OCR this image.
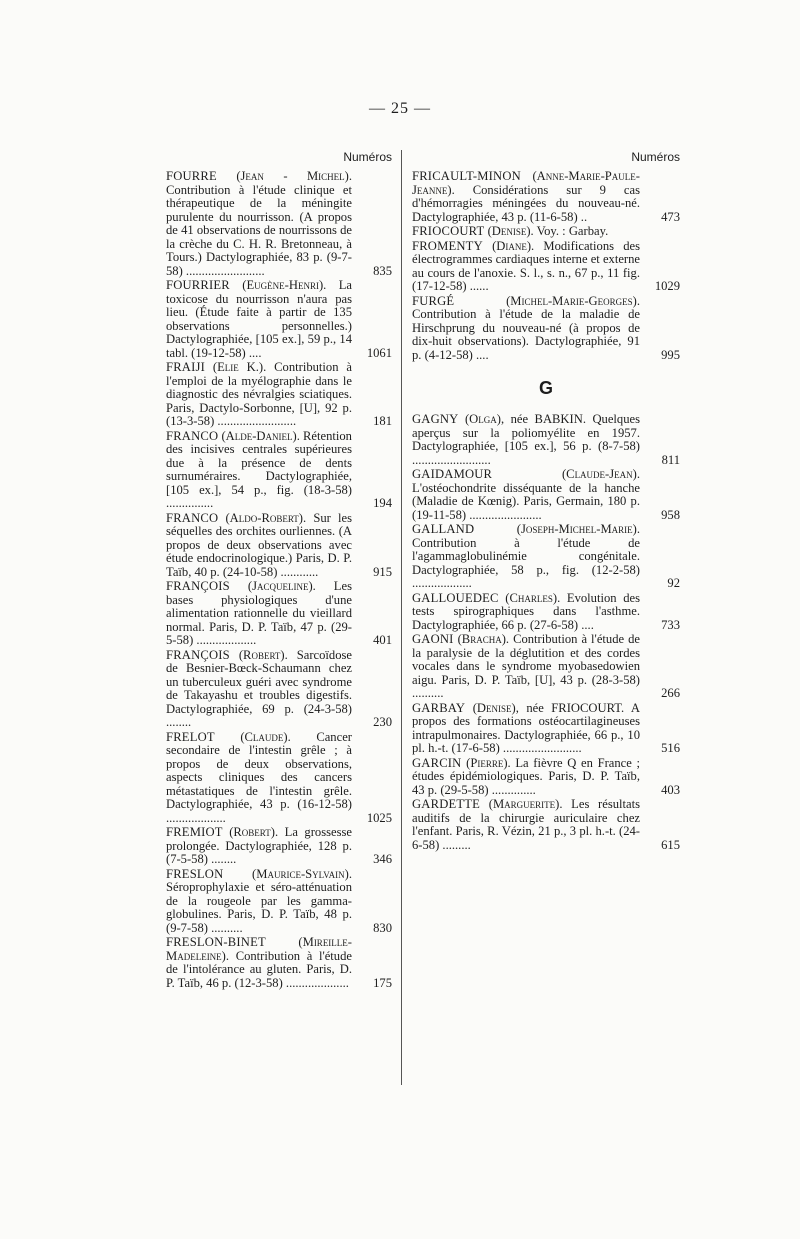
— 25 —
Numéros
FOURRE (Jean - Michel). Contribution à l'étude clinique et thérapeutique de la méningite purulente du nourrisson. (A propos de 41 observations de nourrissons de la crèche du C. H. R. Bretonneau, à Tours.) Dactylographiée, 83 p. (9-7-58) .........................	835
FOURRIER (Eugène-Henri). La toxicose du nourrisson n'aura pas lieu. (Étude faite à partir de 135 observations personnelles.) Dactylographiée, [105 ex.], 59 p., 14 tabl. (19-12-58) ....	1061
FRAIJI (Elie K.). Contribution à l'emploi de la myélographie dans le diagnostic des névralgies sciatiques. Paris, Dactylo-Sorbonne, [U], 92 p. (13-3-58) .........................	181
FRANCO (Alde-Daniel). Rétention des incisives centrales supérieures due à la présence de dents surnuméraires. Dactylographiée, [105 ex.], 54 p., fig. (18-3-58) ...............	194
FRANCO (Aldo-Robert). Sur les séquelles des orchites ourliennes. (A propos de deux observations avec étude endocrinologique.) Paris, D. P. Taïb, 40 p. (24-10-58) ............	915
FRANÇOIS (Jacqueline). Les bases physiologiques d'une alimentation rationnelle du vieillard normal. Paris, D. P. Taïb, 47 p. (29-5-58) ...................	401
FRANÇOIS (Robert). Sarcoïdose de Besnier-Bœck-Schaumann chez un tuberculeux guéri avec syndrome de Takayashu et troubles digestifs. Dactylographiée, 69 p. (24-3-58) ........	230
FRELOT (Claude). Cancer secondaire de l'intestin grêle ; à propos de deux observations, aspects cliniques des cancers métastatiques de l'intestin grêle. Dactylographiée, 43 p. (16-12-58) ...................	1025
FREMIOT (Robert). La grossesse prolongée. Dactylographiée, 128 p. (7-5-58) ........	346
FRESLON (Maurice-Sylvain). Séroprophylaxie et séro-atténuation de la rougeole par les gamma-globulines. Paris, D. P. Taïb, 48 p. (9-7-58) ..........	830
FRESLON-BINET	(Mireille-Madeleine). Contribution à l'étude de l'intolérance au gluten. Paris, D. P. Taïb, 46 p. (12-3-58) .................... 175
Numéros
FRICAULT-MINON (Anne-Marie-Paule-Jeanne). Considérations sur 9 cas d'hémorragies méningées du nouveau-né. Dactylographiée, 43 p. (11-6-58) ..	473
FRIOCOURT (Denise). Voy. : Garbay.
FROMENTY (Diane). Modifications des électrogrammes cardiaques interne et externe au cours de l'anoxie. S. l., s. n., 67 p., 11 fig. (17-12-58) ......	1029
FURGÉ	(Michel-Marie-Georges). Contribution à l'étude de la maladie de Hirschprung du nouveau-né (à propos de dix-huit observations). Dactylographiée, 91 p. (4-12-58) ....	995
G
GAGNY (Olga), née BABKIN. Quelques aperçus sur la poliomyélite en 1957. Dactylographiée, [105 ex.], 56 p. (8-7-58) .........................	811
GAIDAMOUR	(Claude-Jean). L'ostéochondrite disséquante de la hanche (Maladie de Kœnig). Paris, Germain, 180 p. (19-11-58) .......................	958
GALLAND	(Joseph-Michel-Marie). Contribution à l'étude de l'agammaglobulinémie congénitale. Dactylographiée, 58 p., fig. (12-2-58) ...................	92
GALLOUEDEC (Charles). Evolution des tests spirographiques dans l'asthme. Dactylographiée, 66 p. (27-6-58) ....	733
GAONI (Bracha). Contribution à l'étude de la paralysie de la déglutition et des cordes vocales dans le syndrome myobasedowien aigu. Paris, D. P. Taïb, [U], 43 p. (28-3-58) ..........	266
GARBAY (Denise), née FRIOCOURT. A propos des formations ostéocartilagineuses intrapulmonaires. Dactylographiée, 66 p., 10 pl. h.-t. (17-6-58) .........................	516
GARCIN (Pierre). La fièvre Q en France ; études épidémiologiques. Paris, D. P. Taïb, 43 p. (29-5-58) ..............	403
GARDETTE (Marguerite). Les résultats auditifs de la chirurgie auriculaire chez l'enfant. Paris, R. Vézin, 21 p., 3 pl. h.-t. (24-6-58) .........	615
